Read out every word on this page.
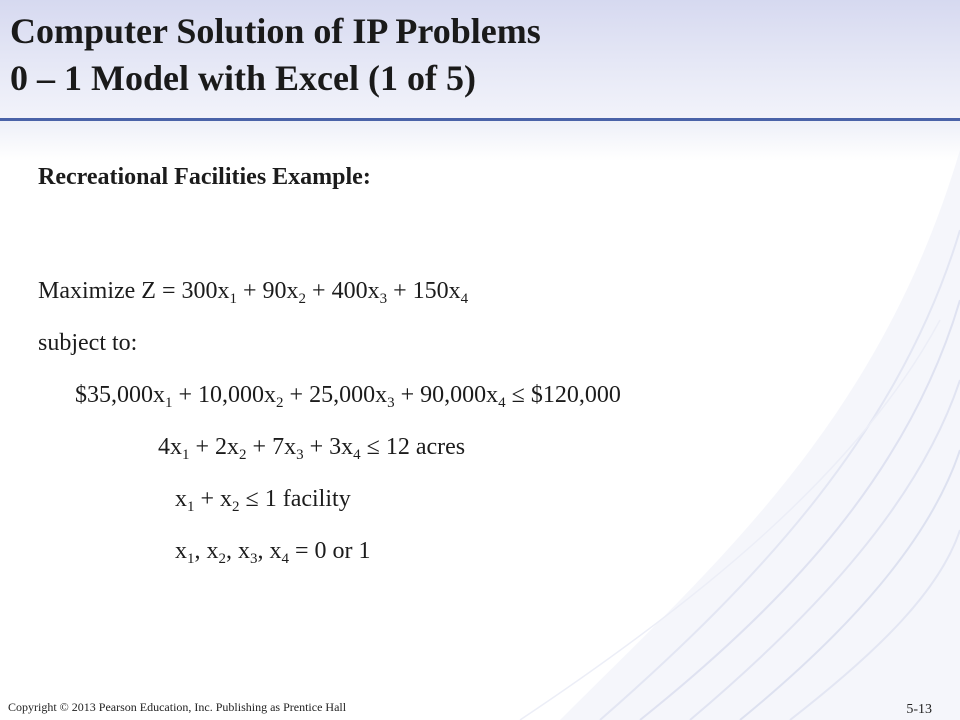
Computer Solution of IP Problems
0 – 1 Model with Excel (1 of 5)
Recreational Facilities Example:
Maximize $Z = 300x_1 + 90x_2 + 400x_3 + 150x_4$
subject to:
$\$35,000x_1 + 10,000x_2 + 25,000x_3 + 90,000x_4$ ≤ $120,000
$4x_1 + 2x_2 + 7x_3 + 3x_4 \le 12$ acres
$x_1 + x_2 \le 1$ facility
$x_1$, $x_2$, $x_3$, $x_4 = 0$ or 1
Copyright © 2013 Pearson Education, Inc. Publishing as Prentice Hall	5-13
